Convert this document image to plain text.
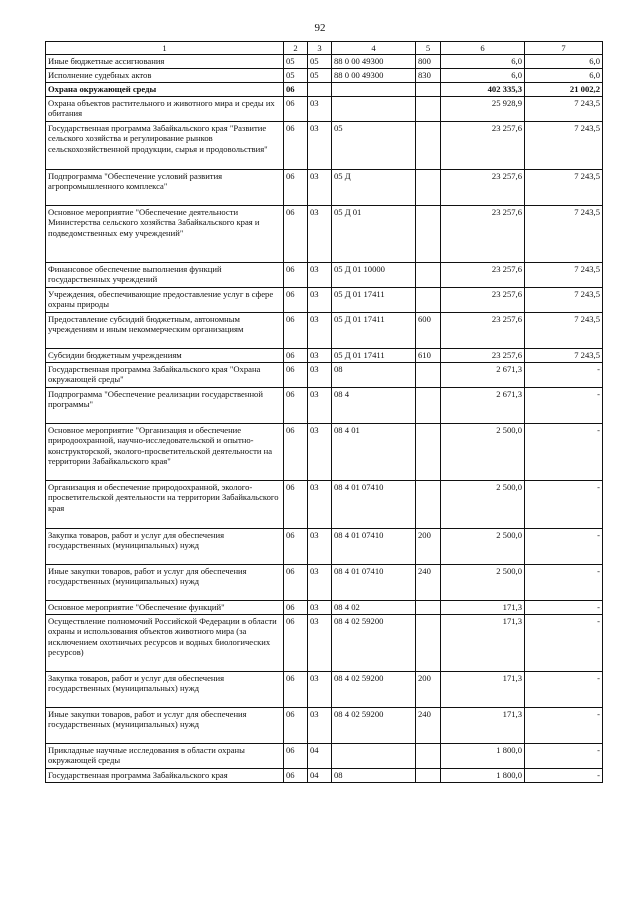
92
1	2	3	4	5	6	7
Иные бюджетные ассигнования	05	05	88 0 00 49300	800	6,0	6,0
Исполнение судебных актов	05	05	88 0 00 49300	830	6,0	6,0
Охрана окружающей среды	06				402 335,3	21 002,2
Охрана объектов растительного и животного мира и среды их обитания	06	03			25 928,9	7 243,5
Государственная программа Забайкальского края "Развитие сельского хозяйства и регулирование рынков сельскохозяйственной продукции, сырья и продовольствия"	06	03	05		23 257,6	7 243,5
Подпрограмма "Обеспечение условий развития агропромышленного комплекса"	06	03	05 Д		23 257,6	7 243,5
Основное мероприятие "Обеспечение деятельности Министерства сельского хозяйства Забайкальского края и подведомственных ему учреждений"	06	03	05 Д 01		23 257,6	7 243,5
Финансовое обеспечение выполнения функций государственных учреждений	06	03	05 Д 01 10000		23 257,6	7 243,5
Учреждения, обеспечивающие предоставление услуг в сфере охраны природы	06	03	05 Д 01 17411		23 257,6	7 243,5
Предоставление субсидий бюджетным, автономным учреждениям и иным некоммерческим организациям	06	03	05 Д 01 17411	600	23 257,6	7 243,5
Субсидии бюджетным учреждениям	06	03	05 Д 01 17411	610	23 257,6	7 243,5
Государственная программа Забайкальского края "Охрана окружающей среды"	06	03	08		2 671,3	-
Подпрограмма "Обеспечение реализации государственной программы"	06	03	08 4		2 671,3	-
Основное мероприятие "Организация и обеспечение природоохранной, научно-исследовательской и опытно- конструкторской, эколого-просветительской деятельности на территории Забайкальского края"	06	03	08 4 01		2 500,0	-
Организация и обеспечение природоохранной, эколого-просветительской деятельности на территории Забайкальского края	06	03	08 4 01 07410		2 500,0	-
Закупка товаров, работ и услуг для обеспечения государственных (муниципальных) нужд	06	03	08 4 01 07410	200	2 500,0	-
Иные закупки товаров, работ и услуг для обеспечения государственных (муниципальных) нужд	06	03	08 4 01 07410	240	2 500,0	-
Основное мероприятие "Обеспечение функций"	06	03	08 4 02		171,3	-
Осуществление полномочий Российской Федерации в области охраны и использования объектов животного мира (за исключением охотничьих ресурсов и водных биологических ресурсов)	06	03	08 4 02 59200		171,3	-
Закупка товаров, работ и услуг для обеспечения государственных (муниципальных) нужд	06	03	08 4 02 59200	200	171,3	-
Иные закупки товаров, работ и услуг для обеспечения государственных (муниципальных) нужд	06	03	08 4 02 59200	240	171,3	-
Прикладные научные исследования в области охраны окружающей среды	06	04			1 800,0	-
Государственная программа Забайкальского края	06	04	08		1 800,0	-
